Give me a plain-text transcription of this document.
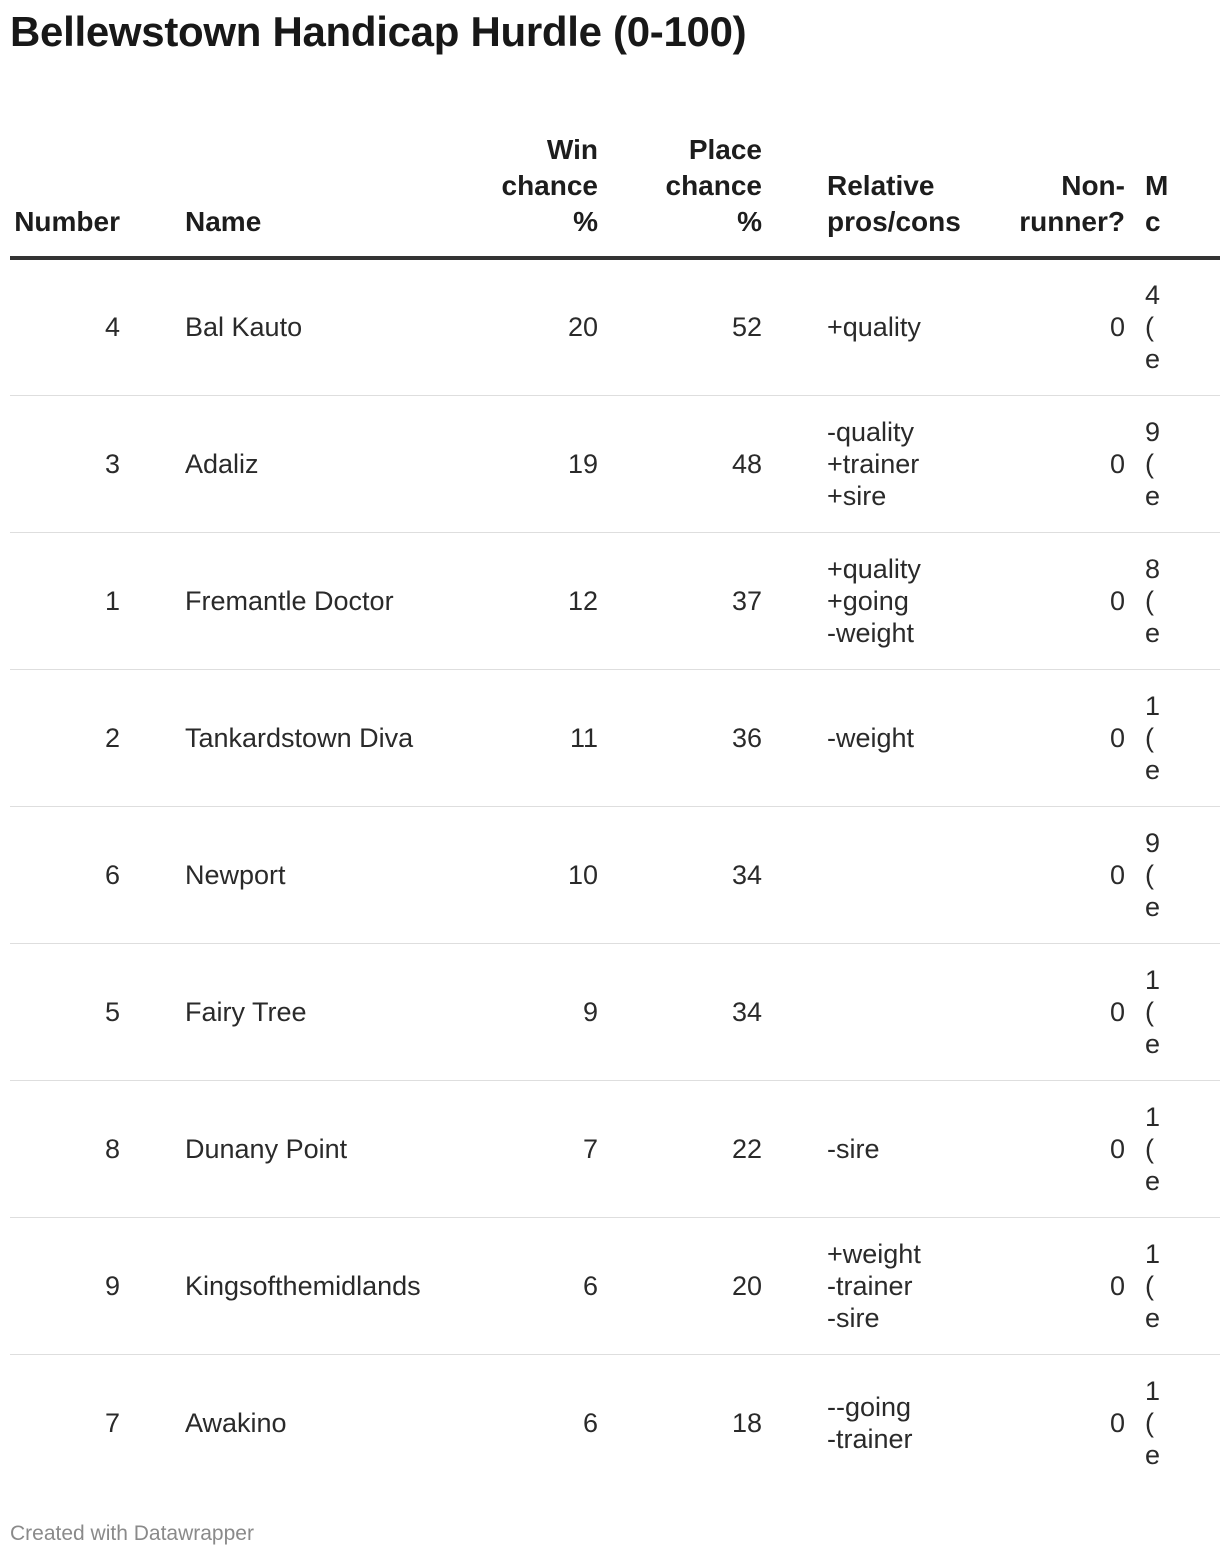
Bellewstown Handicap Hurdle (0-100)
Number	Name	Win
chance
%	Place
chance
%	Relative
pros/cons	Non-
runner?	M
c

4	Bal Kauto	20	52	+quality	0	4
(
e

3	Adaliz	19	48	-quality
+trainer
+sire	0	9
(
e

1	Fremantle Doctor	12	37	+quality
+going
-weight	0	8
(
e

2	Tankardstown Diva	11	36	-weight	0	1
(
e

6	Newport	10	34		0	9
(
e

5	Fairy Tree	9	34		0	1
(
e

8	Dunany Point	7	22	-sire	0	1
(
e

9	Kingsofthemidlands	6	20	+weight
-trainer
-sire	0	1
(
e

7	Awakino	6	18	--going
-trainer	0	1
(
e
Created with Datawrapper
